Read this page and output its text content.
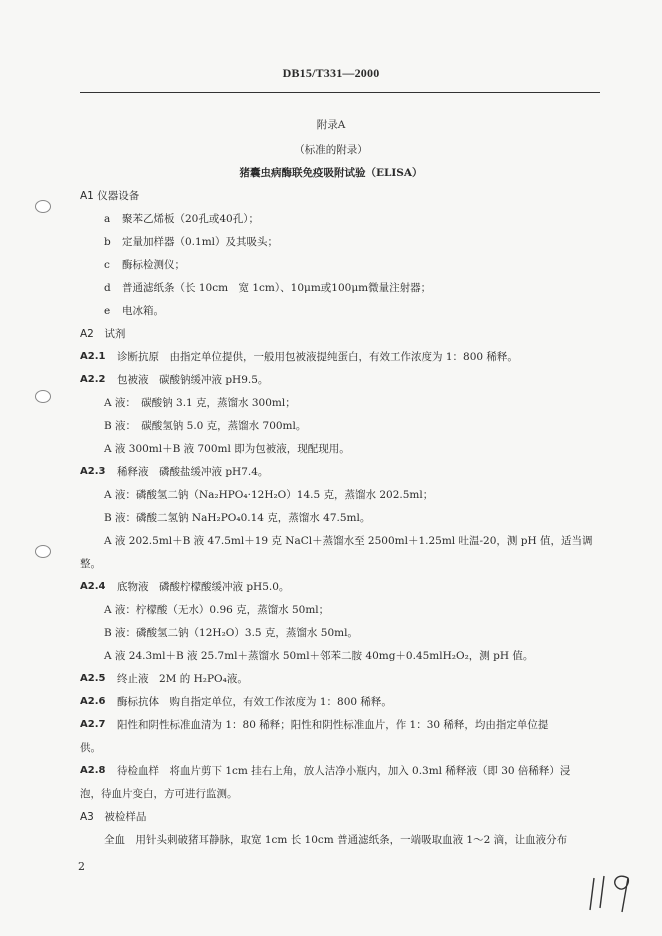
DB15/T331—2000
附录A
（标准的附录）
猪囊虫病酶联免疫吸附试验（ELISA）
A1 仪器设备
a 聚苯乙烯板（20孔或40孔）；
b 定量加样器（0.1ml）及其吸头；
c 酶标检测仪；
d 普通滤纸条（长 10cm　宽 1cm）、10μm或100μm微量注射器；
e 电冰箱。
A2　试剂
A2.1 诊断抗原　由指定单位提供，一般用包被液提纯蛋白，有效工作浓度为 1：800 稀释。
A2.2 包被液　碳酸钠缓冲液 pH9.5。
A 液：　碳酸钠 3.1 克，蒸馏水 300ml；
B 液：　碳酸氢钠 5.0 克，蒸馏水 700ml。
A 液 300ml＋B 液 700ml 即为包被液，现配现用。
A2.3 稀释液　磷酸盐缓冲液 pH7.4。
A 液：磷酸氢二钠（Na₂HPO₄·12H₂O）14.5 克，蒸馏水 202.5ml；
B 液：磷酸二氢钠 NaH₂PO₄0.14 克，蒸馏水 47.5ml。
A 液 202.5ml＋B 液 47.5ml＋19 克 NaCl＋蒸馏水至 2500ml＋1.25ml 吐温-20，测 pH 值，适当调
整。
A2.4 底物液　磷酸柠檬酸缓冲液 pH5.0。
A 液：柠檬酸（无水）0.96 克，蒸馏水 50ml；
B 液：磷酸氢二钠（12H₂O）3.5 克，蒸馏水 50ml。
A 液 24.3ml＋B 液 25.7ml＋蒸馏水 50ml＋邻苯二胺 40mg＋0.45mlH₂O₂，测 pH 值。
A2.5 终止液　2M 的 H₂PO₄液。
A2.6 酶标抗体　购自指定单位，有效工作浓度为 1：800 稀释。
A2.7 阳性和阴性标准血清为 1：80 稀释；阳性和阴性标准血片，作 1：30 稀释，均由指定单位提
供。
A2.8 待检血样　将血片剪下 1cm 挂右上角，放人洁净小瓶内，加入 0.3ml 稀释液（即 30 倍稀释）浸
泡，待血片变白，方可进行监测。
A3　被检样品
全血　用针头刺破猪耳静脉，取宽 1cm 长 10cm 普通滤纸条，一端吸取血液 1～2 滴，让血液分布
2
